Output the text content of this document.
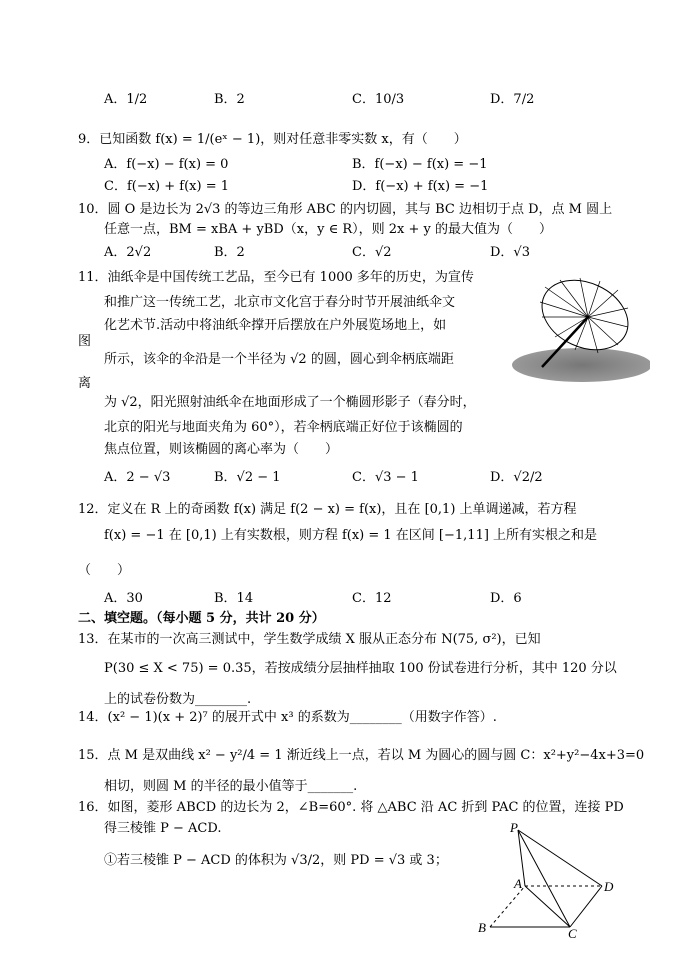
A．1/2	B．2	C．10/3	D．7/2
9．已知函数 f(x) = 1/(eˣ − 1)，则对任意非零实数 x，有（　　）
A．f(−x) − f(x) = 0	B．f(−x) − f(x) = −1
C．f(−x) + f(x) = 1	D．f(−x) + f(x) = −1
10．圆 O 是边长为 2√3 的等边三角形 ABC 的内切圆，其与 BC 边相切于点 D，点 M 圆上
任意一点，BM = xBA + yBD（x，y ∈ R），则 2x + y 的最大值为（　　）
A．2√2	B．2	C．√2	D．√3
11．油纸伞是中国传统工艺品，至今已有 1000 多年的历史，为宣传
和推广这一传统工艺，北京市文化宫于春分时节开展油纸伞文
化艺术节.活动中将油纸伞撑开后摆放在户外展览场地上，如
图
所示，该伞的伞沿是一个半径为 √2 的圆，圆心到伞柄底端距
离
为 √2，阳光照射油纸伞在地面形成了一个椭圆形影子（春分时，
北京的阳光与地面夹角为 60°），若伞柄底端正好位于该椭圆的
焦点位置，则该椭圆的离心率为（　　）
A．2 − √3	B．√2 − 1	C．√3 − 1	D．√2/2
12．定义在 R 上的奇函数 f(x) 满足 f(2 − x) = f(x)，且在 [0,1) 上单调递减，若方程
f(x) = −1 在 [0,1) 上有实数根，则方程 f(x) = 1 在区间 [−1,11] 上所有实根之和是
（　　）
A．30	B．14	C．12	D．6
二、填空题。（每小题 5 分，共计 20 分）
13．在某市的一次高三测试中，学生数学成绩 X 服从正态分布 N(75, σ²)，已知
P(30 ≤ X < 75) = 0.35，若按成绩分层抽样抽取 100 份试卷进行分析，其中 120 分以
上的试卷份数为________.
14．(x² − 1)(x + 2)⁷ 的展开式中 x³ 的系数为________（用数字作答）.
15．点 M 是双曲线 x² − y²/4 = 1 渐近线上一点，若以 M 为圆心的圆与圆 C：x²+y²−4x+3=0
相切，则圆 M 的半径的最小值等于_______.
16．如图，菱形 ABCD 的边长为 2，∠B=60°. 将 △ABC 沿 AC 折到 PAC 的位置，连接 PD
得三棱锥 P − ACD.
①若三棱锥 P − ACD 的体积为 √3/2，则 PD = √3 或 3；
P
A	D
B	C
